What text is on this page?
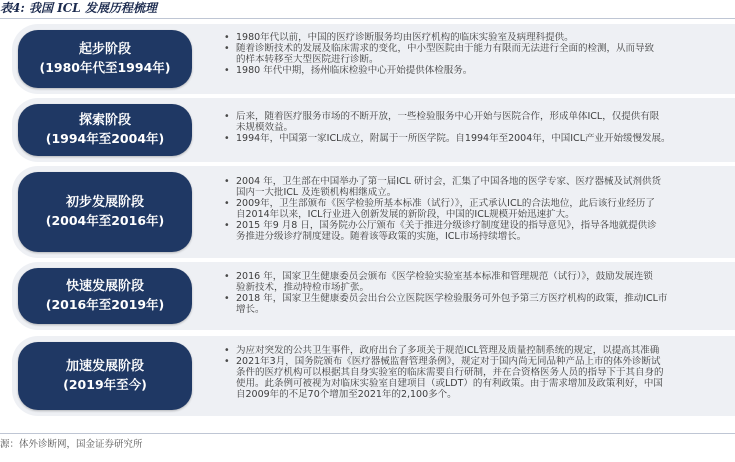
表4: 我国 ICL 发展历程梳理
起步阶段
(1980年代至1994年)
• 1980年代以前，中国的医疗诊断服务均由医疗机构的临床实验室及病理科提供。
• 随着诊断技术的发展及临床需求的变化，中小型医院由于能力有限而无法进行全面的检测，从而导致
的样本转移至大型医院进行诊断。
• 1980 年代中期，扬州临床检验中心开始提供体检服务。
探索阶段
(1994年至2004年)
• 后来，随着医疗服务市场的不断开放，一些检验服务中心开始与医院合作，形成单体ICL，仅提供有限
未规模效益。
• 1994年，中国第一家ICL成立，附属于一所医学院。自1994年至2004年，中国ICL产业开始缓慢发展。
初步发展阶段
(2004年至2016年)
• 2004 年，卫生部在中国举办了第一届ICL 研讨会，汇集了中国各地的医学专家、医疗器械及试剂供货
国内一大批ICL 及连锁机构相继成立。
• 2009年，卫生部颁布《医学检验所基本标准（试行）》，正式承认ICL的合法地位，此后该行业经历了
自2014年以来，ICL行业进入创新发展的新阶段，中国的ICL规模开始迅速扩大。
• 2015 年9 月8 日，国务院办公厅颁布《关于推进分级诊疗制度建设的指导意见》，指导各地就提供诊
务推进分级诊疗制度建设。随着该等政策的实施，ICL市场持续增长。
快速发展阶段
(2016年至2019年)
• 2016 年，国家卫生健康委员会颁布《医学检验实验室基本标准和管理规范（试行）》，鼓励发展连锁
验新技术，推动特检市场扩张。
• 2018 年，国家卫生健康委员会出台公立医院医学检验服务可外包予第三方医疗机构的政策，推动ICL市
增长。
加速发展阶段
(2019年至今)
• 为应对突发的公共卫生事件，政府出台了多项关于规范ICL管理及质量控制系统的规定，以提高其准确
• 2021年3月，国务院颁布《医疗器械监督管理条例》，规定对于国内尚无同品种产品上市的体外诊断试
条件的医疗机构可以根据其自身实验室的临床需要自行研制，并在合资格医务人员的指导下于其自身的
使用。此条例可被视为对临床实验室自建项目（或LDT）的有利政策。由于需求增加及政策利好，中国
自2009年的不足70个增加至2021年的2,100多个。
源：体外诊断网，国金证券研究所
